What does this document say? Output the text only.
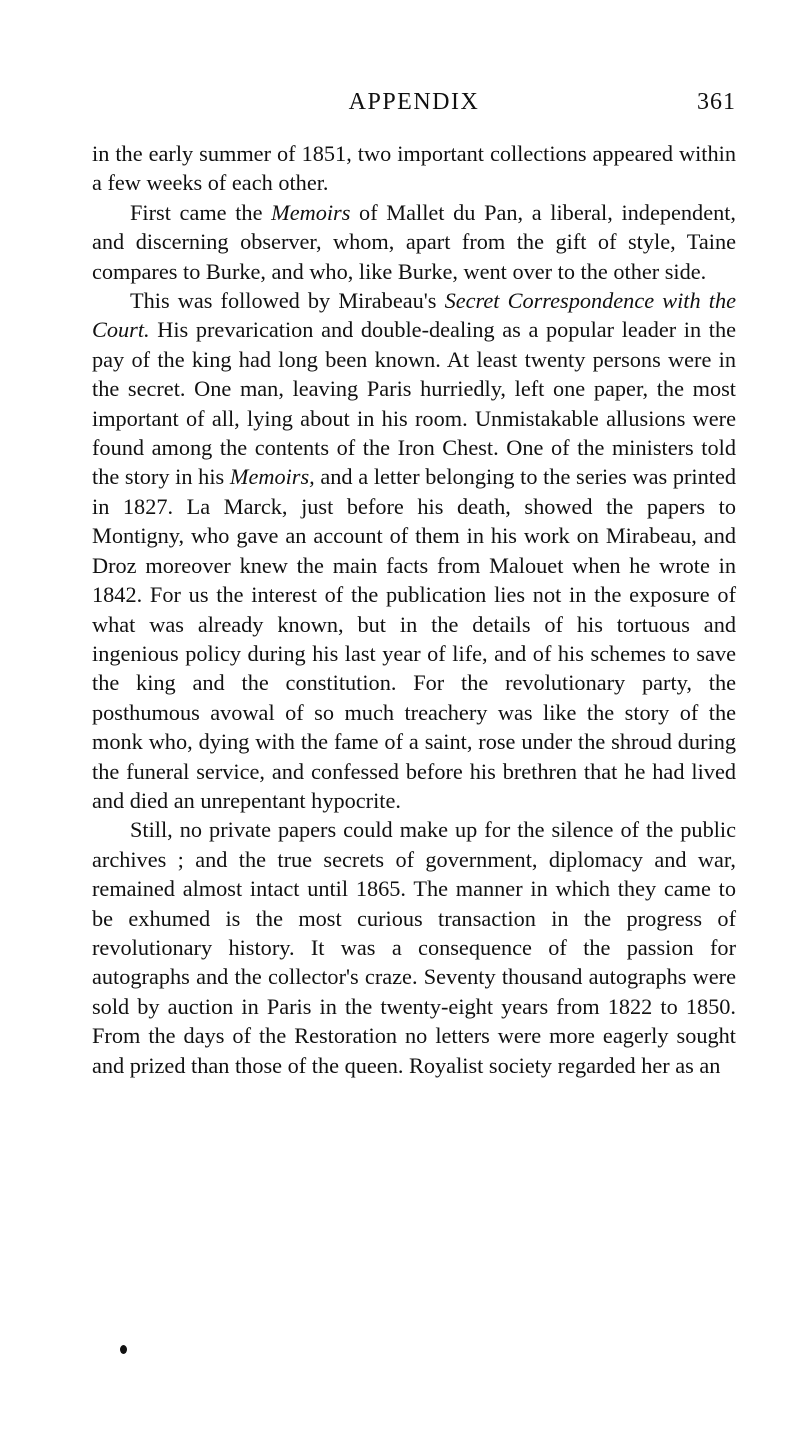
APPENDIX	361

in the early summer of 1851, two important collections appeared within a few weeks of each other.

First came the Memoirs of Mallet du Pan, a liberal, independent, and discerning observer, whom, apart from the gift of style, Taine compares to Burke, and who, like Burke, went over to the other side.

This was followed by Mirabeau's Secret Correspondence with the Court. His prevarication and double-dealing as a popular leader in the pay of the king had long been known. At least twenty persons were in the secret. One man, leaving Paris hurriedly, left one paper, the most important of all, lying about in his room. Unmistakable allusions were found among the contents of the Iron Chest. One of the ministers told the story in his Memoirs, and a letter belonging to the series was printed in 1827. La Marck, just before his death, showed the papers to Montigny, who gave an account of them in his work on Mirabeau, and Droz moreover knew the main facts from Malouet when he wrote in 1842. For us the interest of the publication lies not in the exposure of what was already known, but in the details of his tortuous and ingenious policy during his last year of life, and of his schemes to save the king and the constitution. For the revolutionary party, the posthumous avowal of so much treachery was like the story of the monk who, dying with the fame of a saint, rose under the shroud during the funeral service, and confessed before his brethren that he had lived and died an unrepentant hypocrite.

Still, no private papers could make up for the silence of the public archives ; and the true secrets of government, diplomacy and war, remained almost intact until 1865. The manner in which they came to be exhumed is the most curious transaction in the progress of revolutionary history. It was a consequence of the passion for autographs and the collector's craze. Seventy thousand autographs were sold by auction in Paris in the twenty-eight years from 1822 to 1850. From the days of the Restoration no letters were more eagerly sought and prized than those of the queen. Royalist society regarded her as an
